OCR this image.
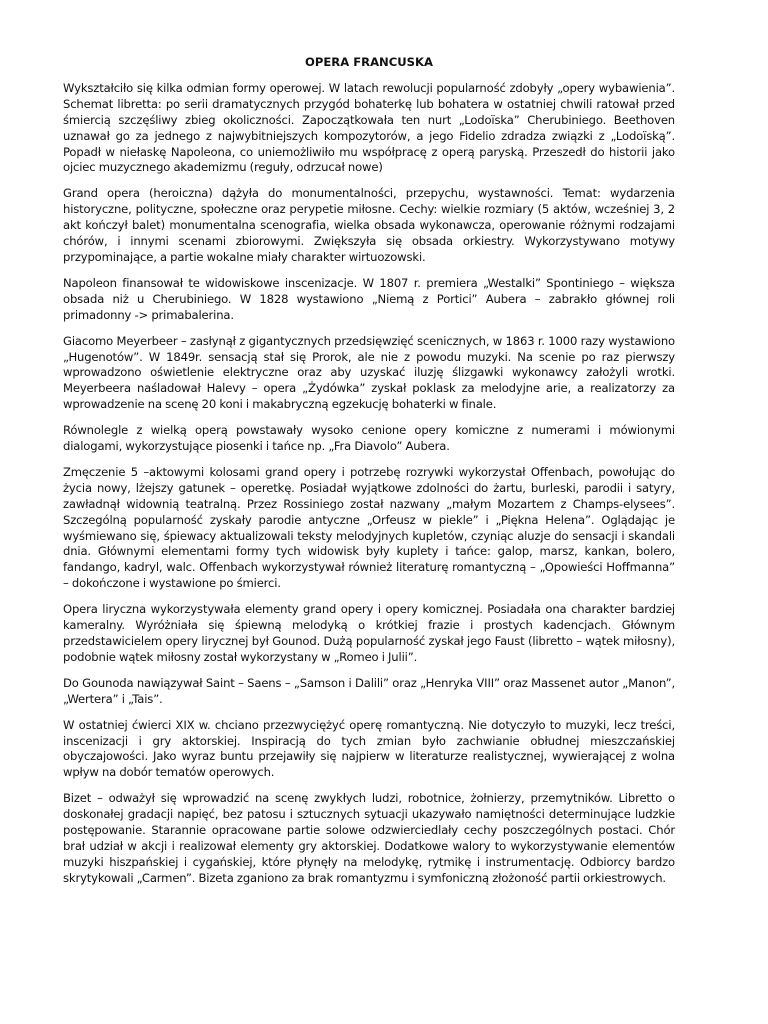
OPERA FRANCUSKA

Wykształciło się kilka odmian formy operowej. W latach rewolucji popularność zdobyły „opery wybawienia”. Schemat libretta: po serii dramatycznych przygód bohaterkę lub bohatera w ostatniej chwili ratował przed śmiercią szczęśliwy zbieg okoliczności. Zapoczątkowała ten nurt „Lodoïska” Cherubiniego. Beethoven uznawał go za jednego z najwybitniejszych kompozytorów, a jego Fidelio zdradza związki z „Lodoïską”. Popadł w niełaskę Napoleona, co uniemożliwiło mu współpracę z operą paryską. Przeszedł do historii jako ojciec muzycznego akademizmu (reguły, odrzucał nowe)

Grand opera (heroiczna) dążyła do monumentalności, przepychu, wystawności. Temat: wydarzenia historyczne, polityczne, społeczne oraz perypetie miłosne. Cechy: wielkie rozmiary (5 aktów, wcześniej 3, 2 akt kończył balet) monumentalna scenografia, wielka obsada wykonawcza, operowanie różnymi rodzajami chórów, i innymi scenami zbiorowymi. Zwiększyła się obsada orkiestry. Wykorzystywano motywy przypominające, a partie wokalne miały charakter wirtuozowski.

Napoleon finansował te widowiskowe inscenizacje. W 1807 r. premiera „Westalki” Spontiniego – większa obsada niż u Cherubiniego. W 1828 wystawiono „Niemą z Portici” Aubera – zabrakło głównej roli primadonny -> primabalerina.

Giacomo Meyerbeer – zasłynął z gigantycznych przedsięwzięć scenicznych, w 1863 r. 1000 razy wystawiono „Hugenotów”. W 1849r. sensacją stał się Prorok, ale nie z powodu muzyki. Na scenie po raz pierwszy wprowadzono oświetlenie elektryczne oraz aby uzyskać iluzję ślizgawki wykonawcy założyli wrotki. Meyerbeera naśladował Halevy – opera „Żydówka” zyskał poklask za melodyjne arie, a realizatorzy za wprowadzenie na scenę 20 koni i makabryczną egzekucję bohaterki w finale.

Równolegle z wielką operą powstawały wysoko cenione opery komiczne z numerami i mówionymi dialogami, wykorzystujące piosenki i tańce np. „Fra Diavolo” Aubera.

Zmęczenie 5 –aktowymi kolosami grand opery i potrzebę rozrywki wykorzystał Offenbach, powołując do życia nowy, lżejszy gatunek – operetkę. Posiadał wyjątkowe zdolności do żartu, burleski, parodii i satyry, zawładnął widownią teatralną. Przez Rossiniego został nazwany „małym Mozartem z Champs-elysees”. Szczególną popularność zyskały parodie antyczne „Orfeusz w piekle” i „Piękna Helena”. Oglądając je wyśmiewano się, śpiewacy aktualizowali teksty melodyjnych kupletów, czyniąc aluzje do sensacji i skandali dnia. Głównymi elementami formy tych widowisk były kuplety i tańce: galop, marsz, kankan, bolero, fandango, kadryl, walc. Offenbach wykorzystywał również literaturę romantyczną – „Opowieści Hoffmanna” – dokończone i wystawione po śmierci.

Opera liryczna wykorzystywała elementy grand opery i opery komicznej. Posiadała ona charakter bardziej kameralny. Wyróżniała się śpiewną melodyką o krótkiej frazie i prostych kadencjach. Głównym przedstawicielem opery lirycznej był Gounod. Dużą popularność zyskał jego Faust (libretto – wątek miłosny), podobnie wątek miłosny został wykorzystany w „Romeo i Julii”.

Do Gounoda nawiązywał Saint – Saens – „Samson i Dalili” oraz „Henryka VIII” oraz Massenet autor „Manon”, „Wertera” i „Tais”.

W ostatniej ćwierci XIX w. chciano przezwyciężyć operę romantyczną. Nie dotyczyło to muzyki, lecz treści, inscenizacji i gry aktorskiej. Inspiracją do tych zmian było zachwianie obłudnej mieszczańskiej obyczajowości. Jako wyraz buntu przejawiły się najpierw w literaturze realistycznej, wywierającej z wolna wpływ na dobór tematów operowych.

Bizet – odważył się wprowadzić na scenę zwykłych ludzi, robotnice, żołnierzy, przemytników. Libretto o doskonałej gradacji napięć, bez patosu i sztucznych sytuacji ukazywało namiętności determinujące ludzkie postępowanie. Starannie opracowane partie solowe odzwierciedlały cechy poszczególnych postaci. Chór brał udział w akcji i realizował elementy gry aktorskiej. Dodatkowe walory to wykorzystywanie elementów muzyki hiszpańskiej i cygańskiej, które płynęły na melodykę, rytmikę i instrumentację. Odbiorcy bardzo skrytykowali „Carmen”. Bizeta zganiono za brak romantyzmu i symfoniczną złożoność partii orkiestrowych.
